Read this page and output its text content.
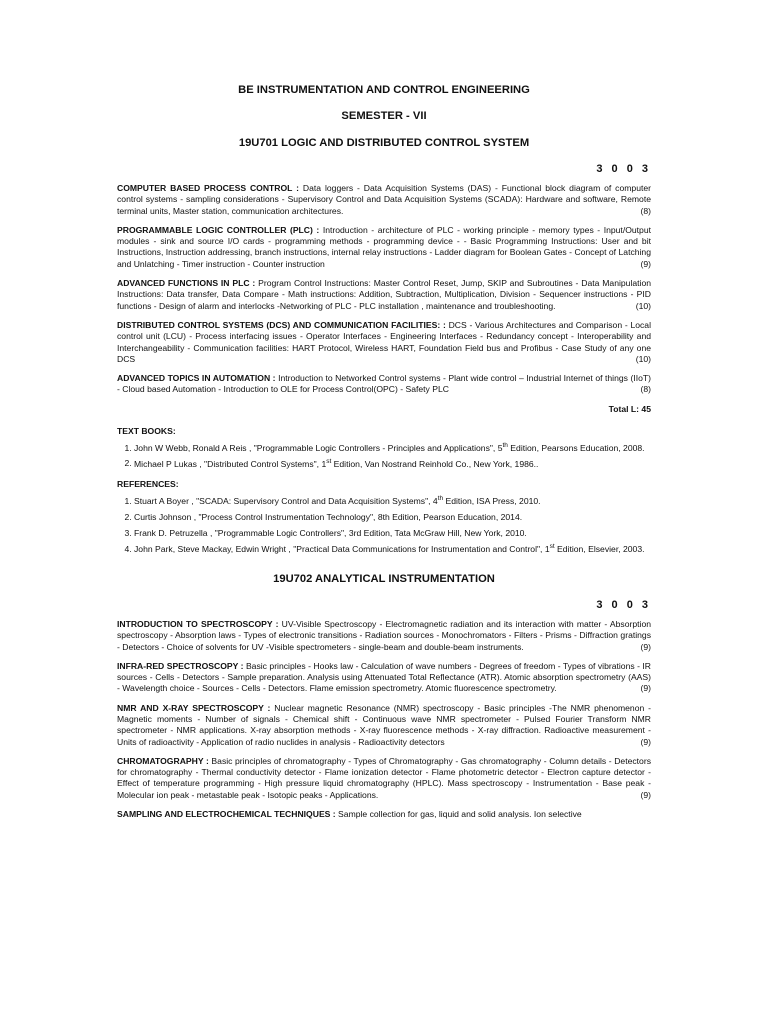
BE INSTRUMENTATION AND CONTROL ENGINEERING

SEMESTER - VII

19U701 LOGIC AND DISTRIBUTED CONTROL SYSTEM

3 0 0 3

COMPUTER BASED PROCESS CONTROL : Data loggers - Data Acquisition Systems (DAS) - Functional block diagram of computer control systems - sampling considerations - Supervisory Control and Data Acquisition Systems (SCADA): Hardware and software, Remote terminal units, Master station, communication architectures.	(8)

PROGRAMMABLE LOGIC CONTROLLER (PLC) : Introduction - architecture of PLC - working principle - memory types - Input/Output modules - sink and source I/O cards - programming methods - programming device - - Basic Programming Instructions: User and bit Instructions, Instruction addressing, branch instructions, internal relay instructions - Ladder diagram for Boolean Gates - Concept of Latching and Unlatching - Timer instruction - Counter instruction	(9)

ADVANCED FUNCTIONS IN PLC : Program Control Instructions: Master Control Reset, Jump, SKIP and Subroutines - Data Manipulation Instructions: Data transfer, Data Compare - Math instructions: Addition, Subtraction, Multiplication, Division - Sequencer instructions - PID functions - Design of alarm and interlocks -Networking of PLC - PLC installation , maintenance and troubleshooting.	(10)

DISTRIBUTED CONTROL SYSTEMS (DCS) AND COMMUNICATION FACILITIES: : DCS - Various Architectures and Comparison - Local control unit (LCU) - Process interfacing issues - Operator Interfaces - Engineering Interfaces - Redundancy concept - Interoperability and Interchangeability - Communication facilities: HART Protocol, Wireless HART, Foundation Field bus and Profibus - Case Study of any one DCS	(10)

ADVANCED TOPICS IN AUTOMATION : Introduction to Networked Control systems - Plant wide control – Industrial Internet of things (IIoT) - Cloud based Automation - Introduction to OLE for Process Control(OPC) - Safety PLC	(8)

Total L: 45

TEXT BOOKS:

1. John W Webb, Ronald A Reis , "Programmable Logic Controllers - Principles and Applications", 5th Edition, Pearsons Education, 2008.
2. Michael P Lukas , "Distributed Control Systems", 1st Edition, Van Nostrand Reinhold Co., New York, 1986..

REFERENCES:

1. Stuart A Boyer , "SCADA: Supervisory Control and Data Acquisition Systems", 4th Edition, ISA Press, 2010.
2. Curtis Johnson , "Process Control Instrumentation Technology", 8th Edition, Pearson Education, 2014.
3. Frank D. Petruzella , "Programmable Logic Controllers", 3rd Edition, Tata McGraw Hill, New York, 2010.
4. John Park, Steve Mackay, Edwin Wright , "Practical Data Communications for Instrumentation and Control", 1st Edition, Elsevier, 2003.

19U702 ANALYTICAL INSTRUMENTATION

3 0 0 3

INTRODUCTION TO SPECTROSCOPY : UV-Visible Spectroscopy - Electromagnetic radiation and its interaction with matter - Absorption spectroscopy - Absorption laws - Types of electronic transitions - Radiation sources - Monochromators - Filters - Prisms - Diffraction gratings - Detectors - Choice of solvents for UV -Visible spectrometers - single-beam and double-beam instruments.	(9)

INFRA-RED SPECTROSCOPY : Basic principles - Hooks law - Calculation of wave numbers - Degrees of freedom - Types of vibrations - IR sources - Cells - Detectors - Sample preparation. Analysis using Attenuated Total Reflectance (ATR). Atomic absorption spectrometry (AAS) - Wavelength choice - Sources - Cells - Detectors. Flame emission spectrometry. Atomic fluorescence spectrometry.	(9)

NMR AND X-RAY SPECTROSCOPY : Nuclear magnetic Resonance (NMR) spectroscopy - Basic principles -The NMR phenomenon - Magnetic moments - Number of signals - Chemical shift - Continuous wave NMR spectrometer - Pulsed Fourier Transform NMR spectrometer - NMR applications. X-ray absorption methods - X-ray fluorescence methods - X-ray diffraction. Radioactive measurement - Units of radioactivity - Application of radio nuclides in analysis - Radioactivity detectors	(9)

CHROMATOGRAPHY : Basic principles of chromatography - Types of Chromatography - Gas chromatography - Column details - Detectors for chromatography - Thermal conductivity detector - Flame ionization detector - Flame photometric detector - Electron capture detector - Effect of temperature programming - High pressure liquid chromatography (HPLC). Mass spectroscopy - Instrumentation - Base peak - Molecular ion peak - metastable peak - Isotopic peaks - Applications.	(9)

SAMPLING AND ELECTROCHEMICAL TECHNIQUES : Sample collection for gas, liquid and solid analysis. Ion selective
